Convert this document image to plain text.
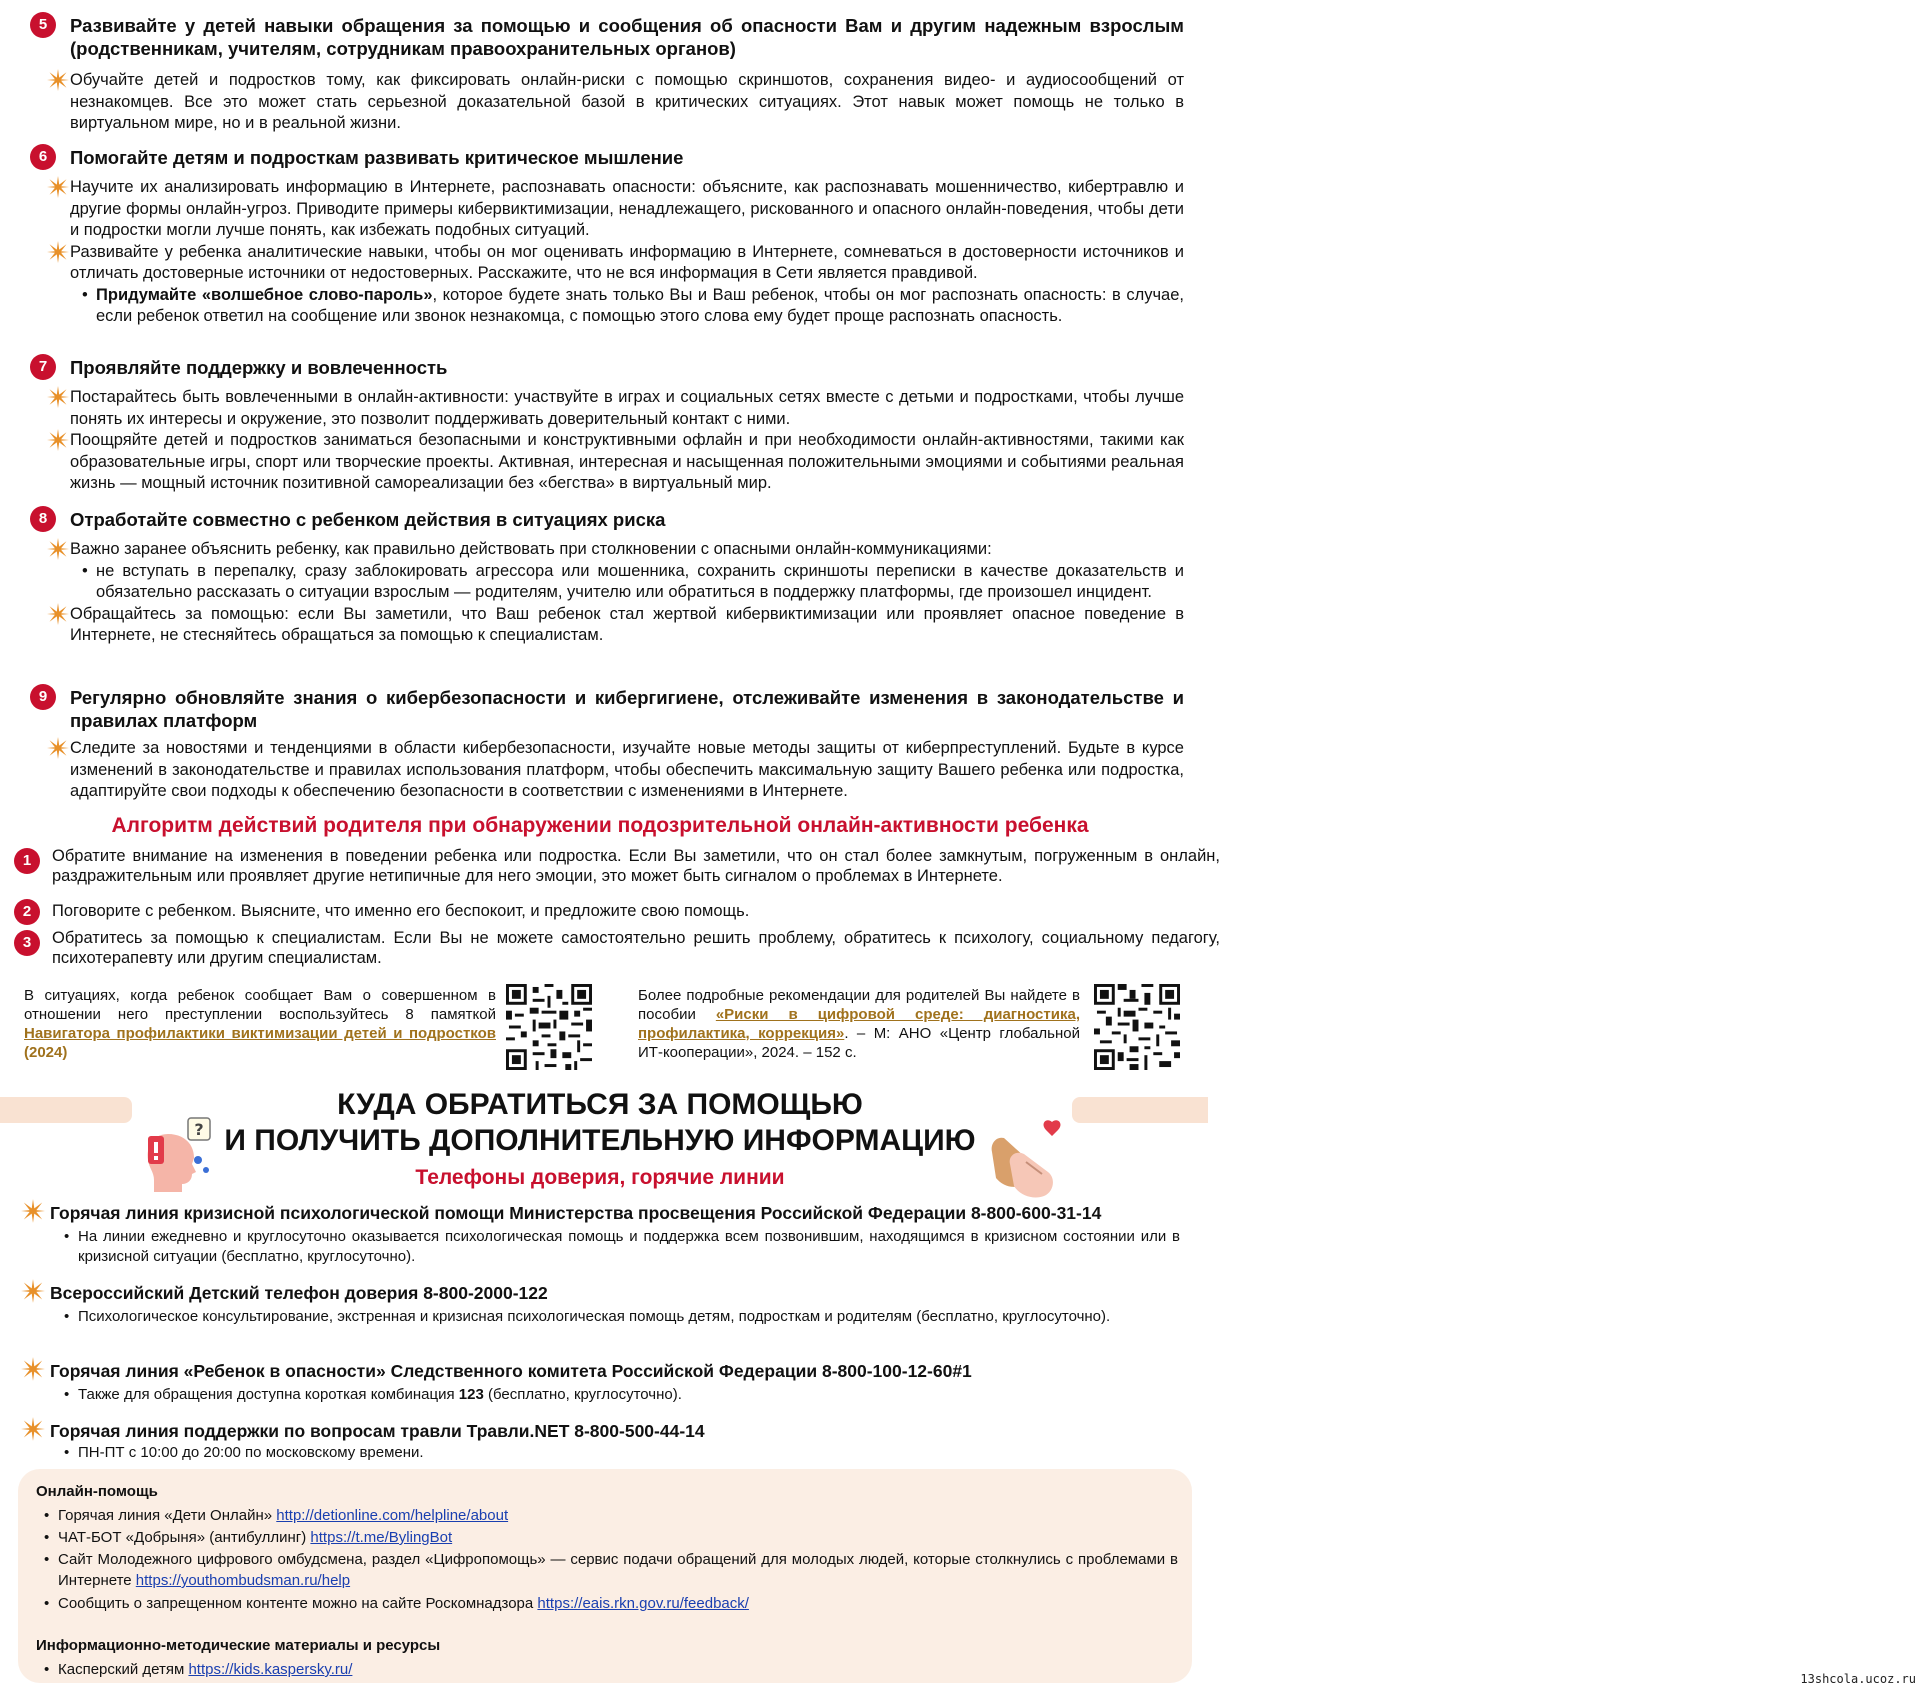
5	Развивайте у детей навыки обращения за помощью и сообщения об опасности Вам и другим надежным взрослым (родственникам, учителям, сотрудникам правоохранительных органов)
Обучайте детей и подростков тому, как фиксировать онлайн-риски с помощью скриншотов, сохранения видео- и аудиосообщений от незнакомцев. Все это может стать серьезной доказательной базой в критических ситуациях. Этот навык может помощь не только в виртуальном мире, но и в реальной жизни.
6	Помогайте детям и подросткам развивать критическое мышление
Научите их анализировать информацию в Интернете, распознавать опасности: объясните, как распознавать мошенничество, кибертравлю и другие формы онлайн-угроз. Приводите примеры кибервиктимизации, ненадлежащего, рискованного и опасного онлайн-поведения, чтобы дети и подростки могли лучше понять, как избежать подобных ситуаций.
Развивайте у ребенка аналитические навыки, чтобы он мог оценивать информацию в Интернете, сомневаться в достоверности источников и отличать достоверные источники от недостоверных. Расскажите, что не вся информация в Сети является правдивой.
• Придумайте «волшебное слово-пароль», которое будете знать только Вы и Ваш ребенок, чтобы он мог распознать опасность: в случае, если ребенок ответил на сообщение или звонок незнакомца, с помощью этого слова ему будет проще распознать опасность.
7	Проявляйте поддержку и вовлеченность
Постарайтесь быть вовлеченными в онлайн-активности: участвуйте в играх и социальных сетях вместе с детьми и подростками, чтобы лучше понять их интересы и окружение, это позволит поддерживать доверительный контакт с ними.
Поощряйте детей и подростков заниматься безопасными и конструктивными офлайн и при необходимости онлайн-активностями, такими как образовательные игры, спорт или творческие проекты. Активная, интересная и насыщенная положительными эмоциями и событиями реальная жизнь — мощный источник позитивной самореализации без «бегства» в виртуальный мир.
8	Отработайте совместно с ребенком действия в ситуациях риска
Важно заранее объяснить ребенку, как правильно действовать при столкновении с опасными онлайн-коммуникациями:
• не вступать в перепалку, сразу заблокировать агрессора или мошенника, сохранить скриншоты переписки в качестве доказательств и обязательно рассказать о ситуации взрослым — родителям, учителю или обратиться в поддержку платформы, где произошел инцидент.
Обращайтесь за помощью: если Вы заметили, что Ваш ребенок стал жертвой кибервиктимизации или проявляет опасное поведение в Интернете, не стесняйтесь обращаться за помощью к специалистам.
9	Регулярно обновляйте знания о кибербезопасности и кибергигиене, отслеживайте изменения в законодательстве и правилах платформ
Следите за новостями и тенденциями в области кибербезопасности, изучайте новые методы защиты от киберпреступлений. Будьте в курсе изменений в законодательстве и правилах использования платформ, чтобы обеспечить максимальную защиту Вашего ребенка или подростка, адаптируйте свои подходы к обеспечению безопасности в соответствии с изменениями в Интернете.
Алгоритм действий родителя при обнаружении подозрительной онлайн-активности ребенка
1	Обратите внимание на изменения в поведении ребенка или подростка. Если Вы заметили, что он стал более замкнутым, погруженным в онлайн, раздражительным или проявляет другие нетипичные для него эмоции, это может быть сигналом о проблемах в Интернете.
2	Поговорите с ребенком. Выясните, что именно его беспокоит, и предложите свою помощь.
3	Обратитесь за помощью к специалистам. Если Вы не можете самостоятельно решить проблему, обратитесь к психологу, социальному педагогу, психотерапевту или другим специалистам.
В ситуациях, когда ребенок сообщает Вам о совершенном в отношении него преступлении воспользуйтесь 8 памяткой Навигатора профилактики виктимизации детей и подростков (2024)
Более подробные рекомендации для родителей Вы найдете в пособии «Риски в цифровой среде: диагностика, профилактика, коррекция». – М: АНО «Центр глобальной ИТ-кооперации», 2024. – 152 с.
КУДА ОБРАТИТЬСЯ ЗА ПОМОЩЬЮ
И ПОЛУЧИТЬ ДОПОЛНИТЕЛЬНУЮ ИНФОРМАЦИЮ
Телефоны доверия, горячие линии
?
Горячая линия кризисной психологической помощи Министерства просвещения Российской Федерации 8-800-600-31-14
• На линии ежедневно и круглосуточно оказывается психологическая помощь и поддержка всем позвонившим, находящимся в кризисном состоянии или в кризисной ситуации (бесплатно, круглосуточно).
Всероссийский Детский телефон доверия 8-800-2000-122
• Психологическое консультирование, экстренная и кризисная психологическая помощь детям, подросткам и родителям (бесплатно, круглосуточно).
Горячая линия «Ребенок в опасности» Следственного комитета Российской Федерации 8-800-100-12-60#1
• Также для обращения доступна короткая комбинация 123 (бесплатно, круглосуточно).
Горячая линия поддержки по вопросам травли Травли.NET 8-800-500-44-14
• ПН-ПТ с 10:00 до 20:00 по московскому времени.
Онлайн-помощь
• Горячая линия «Дети Онлайн» http://detionline.com/helpline/about
• ЧАТ-БОТ «Добрыня» (антибуллинг) https://t.me/BylingBot
• Сайт Молодежного цифрового омбудсмена, раздел «Цифропомощь» — сервис подачи обращений для молодых людей, которые столкнулись с проблемами в Интернете https://youthombudsman.ru/help
• Сообщить о запрещенном контенте можно на сайте Роскомнадзора https://eais.rkn.gov.ru/feedback/
Информационно-методические материалы и ресурсы
• Касперский детям https://kids.kaspersky.ru/
13shcola.ucoz.ru
